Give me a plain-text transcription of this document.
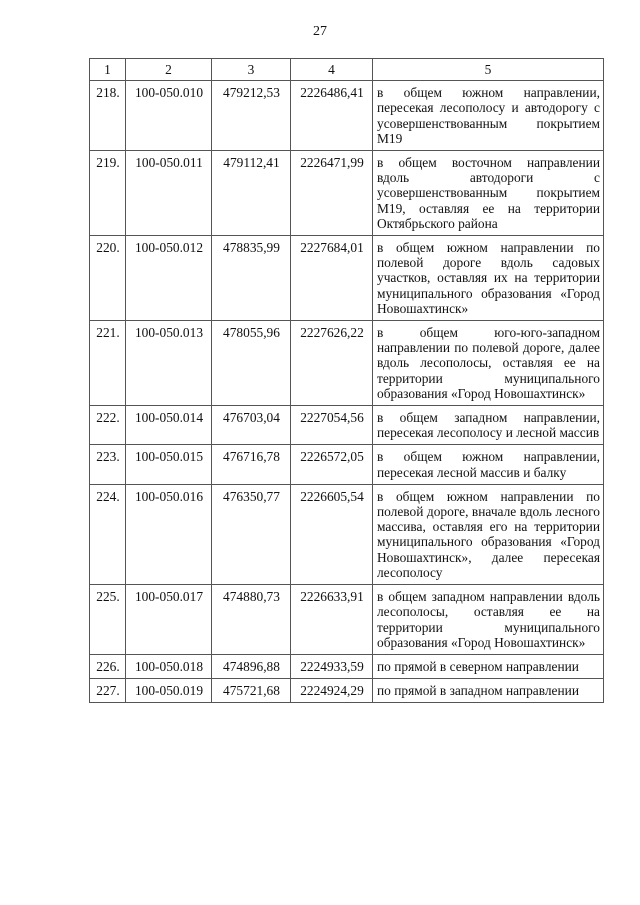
27
1	2	3	4	5
218.	100-050.010	479212,53	2226486,41	в общем южном направлении, пересекая лесополосу и автодорогу с усовершенствованным покрытием М19
219.	100-050.011	479112,41	2226471,99	в общем восточном направлении вдоль автодороги с усовершенствованным покрытием М19, оставляя ее на территории Октябрьского района
220.	100-050.012	478835,99	2227684,01	в общем южном направлении по полевой дороге вдоль садовых участков, оставляя их на территории муниципального образования «Город Новошахтинск»
221.	100-050.013	478055,96	2227626,22	в общем юго-юго-западном направлении по полевой дороге, далее вдоль лесополосы, оставляя ее на территории муниципального образования «Город Новошахтинск»
222.	100-050.014	476703,04	2227054,56	в общем западном направлении, пересекая лесополосу и лесной массив
223.	100-050.015	476716,78	2226572,05	в общем южном направлении, пересекая лесной массив и балку
224.	100-050.016	476350,77	2226605,54	в общем южном направлении по полевой дороге, вначале вдоль лесного массива, оставляя его на территории муниципального образования «Город Новошахтинск», далее пересекая лесополосу
225.	100-050.017	474880,73	2226633,91	в общем западном направлении вдоль лесополосы, оставляя ее на территории муниципального образования «Город Новошахтинск»
226.	100-050.018	474896,88	2224933,59	по прямой в северном направлении
227.	100-050.019	475721,68	2224924,29	по прямой в западном направлении
